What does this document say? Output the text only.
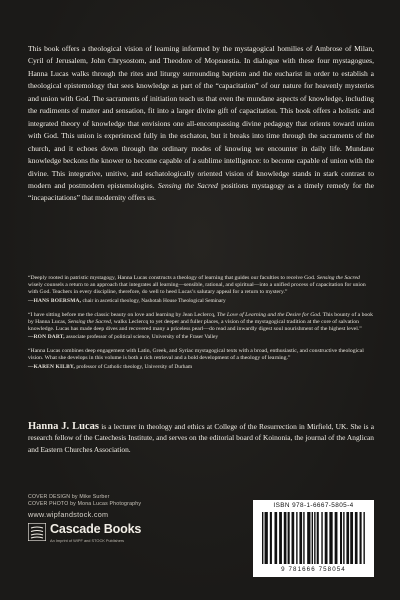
This book offers a theological vision of learning informed by the mystagogical homilies of Ambrose of Milan, Cyril of Jerusalem, John Chrysostom, and Theodore of Mopsuestia. In dialogue with these four mystagogues, Hanna Lucas walks through the rites and liturgy surrounding baptism and the eucharist in order to establish a theological epistemology that sees knowledge as part of the “capacitation” of our nature for heavenly mysteries and union with God. The sacraments of initiation teach us that even the mundane aspects of knowledge, including the rudiments of matter and sensation, fit into a larger divine gift of capacitation. This book offers a holistic and integrated theory of knowledge that envisions one all-encompassing divine pedagogy that orients toward union with God. This union is experienced fully in the eschaton, but it breaks into time through the sacraments of the church, and it echoes down through the ordinary modes of knowing we encounter in daily life. Mundane knowledge beckons the knower to become capable of a sublime intelligence: to become capable of union with the divine. This integrative, unitive, and eschatologically oriented vision of knowledge stands in stark contrast to modern and postmodern epistemologies. Sensing the Sacred positions mystagogy as a timely remedy for the “incapacitations” that modernity offers us.

“Deeply rooted in patristic mystagogy, Hanna Lucas constructs a theology of learning that guides our faculties to receive God. Sensing the Sacred wisely counsels a return to an approach that integrates all learning—sensible, rational, and spiritual—into a unified process of capacitation for union with God. Teachers in every discipline, therefore, do well to heed Lucas’s salutary appeal for a return to mystery.”
—HANS BOERSMA, chair in ascetical theology, Nashotah House Theological Seminary
“I have sitting before me the classic beauty on love and learning by Jean Leclercq, The Love of Learning and the Desire for God. This bounty of a book by Hanna Lucas, Sensing the Sacred, walks Leclercq to yet deeper and fuller places, a vision of the mystagogical tradition at the core of salvation knowledge. Lucas has made deep dives and recovered many a priceless pearl—do read and inwardly digest soul nourishment of the highest level.”
—RON DART, associate professor of political science, University of the Fraser Valley
“Hanna Lucas combines deep engagement with Latin, Greek, and Syriac mystagogical texts with a broad, enthusiastic, and constructive theological vision. What she develops in this volume is both a rich retrieval and a bold development of a theology of learning.”
—KAREN KILBY, professor of Catholic theology, University of Durham

Hanna J. Lucas is a lecturer in theology and ethics at College of the Resurrection in Mirfield, UK. She is a research fellow of the Catechesis Institute, and serves on the editorial board of Koinonia, the journal of the Anglican and Eastern Churches Association.

COVER DESIGN by Mike Surber
COVER PHOTO by Mona Lucas Photography
www.wipfandstock.com
Cascade Books
An Imprint of WIPF and STOCK Publishers
ISBN 978-1-6667-5805-4
9 781666 758054
